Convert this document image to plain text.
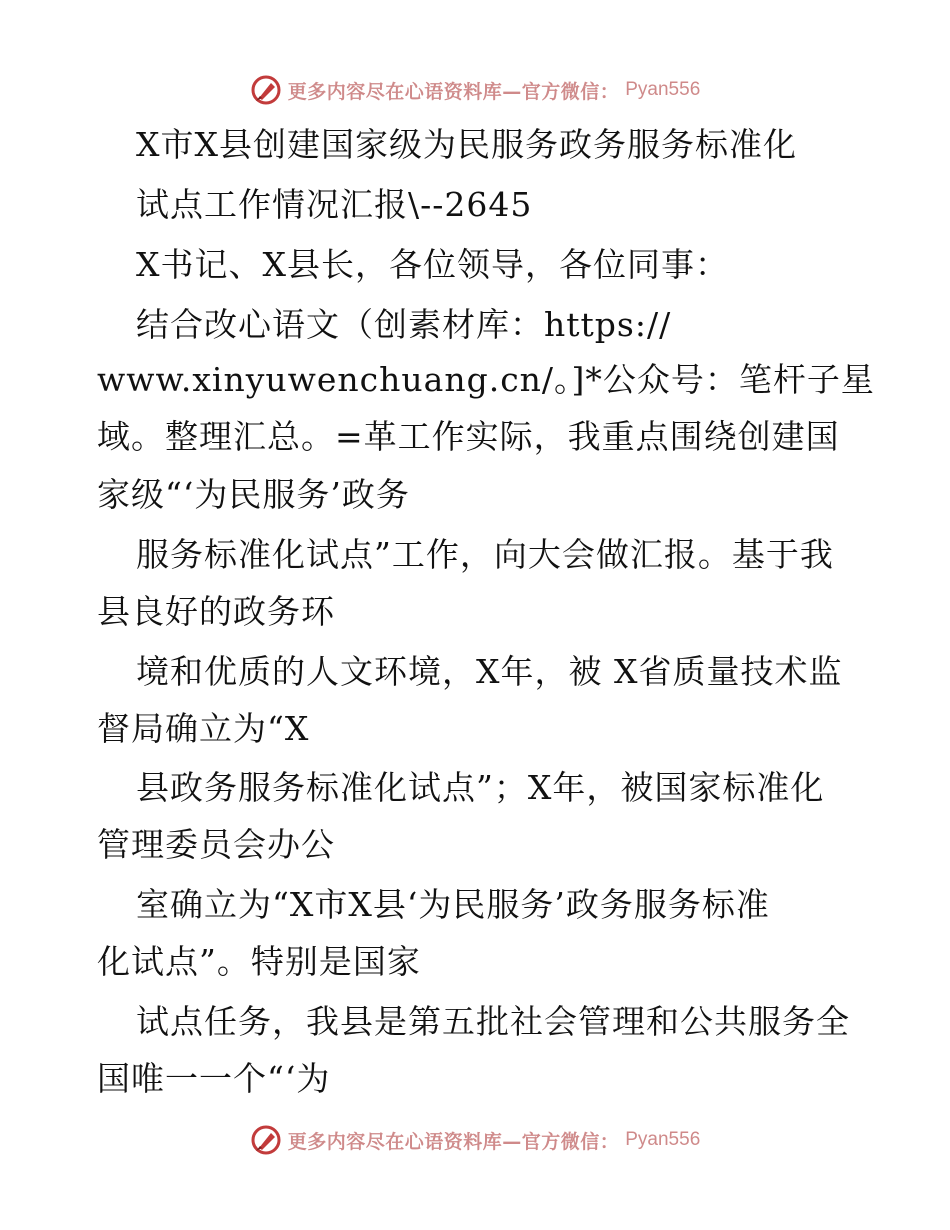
更多内容尽在心语资料库—官方微信： Pyan556
X市X县创建国家级为民服务政务服务标准化
试点工作情况汇报\--2645
X书记、X县长，各位领导，各位同事：
结合改心语文（创素材库：https://
www.xinyuwenchuang.cn/。]*公众号：笔杆子星
域。整理汇总。=革工作实际，我重点围绕创建国
家级“‘为民服务’政务
服务标准化试点”工作，向大会做汇报。基于我
县良好的政务环
境和优质的人文环境，X年，被 X省质量技术监
督局确立为“X
县政务服务标准化试点”；X年，被国家标准化
管理委员会办公
室确立为“X市X县‘为民服务’政务服务标准
化试点”。特别是国家
试点任务，我县是第五批社会管理和公共服务全
国唯一一个“‘为
更多内容尽在心语资料库—官方微信： Pyan556
